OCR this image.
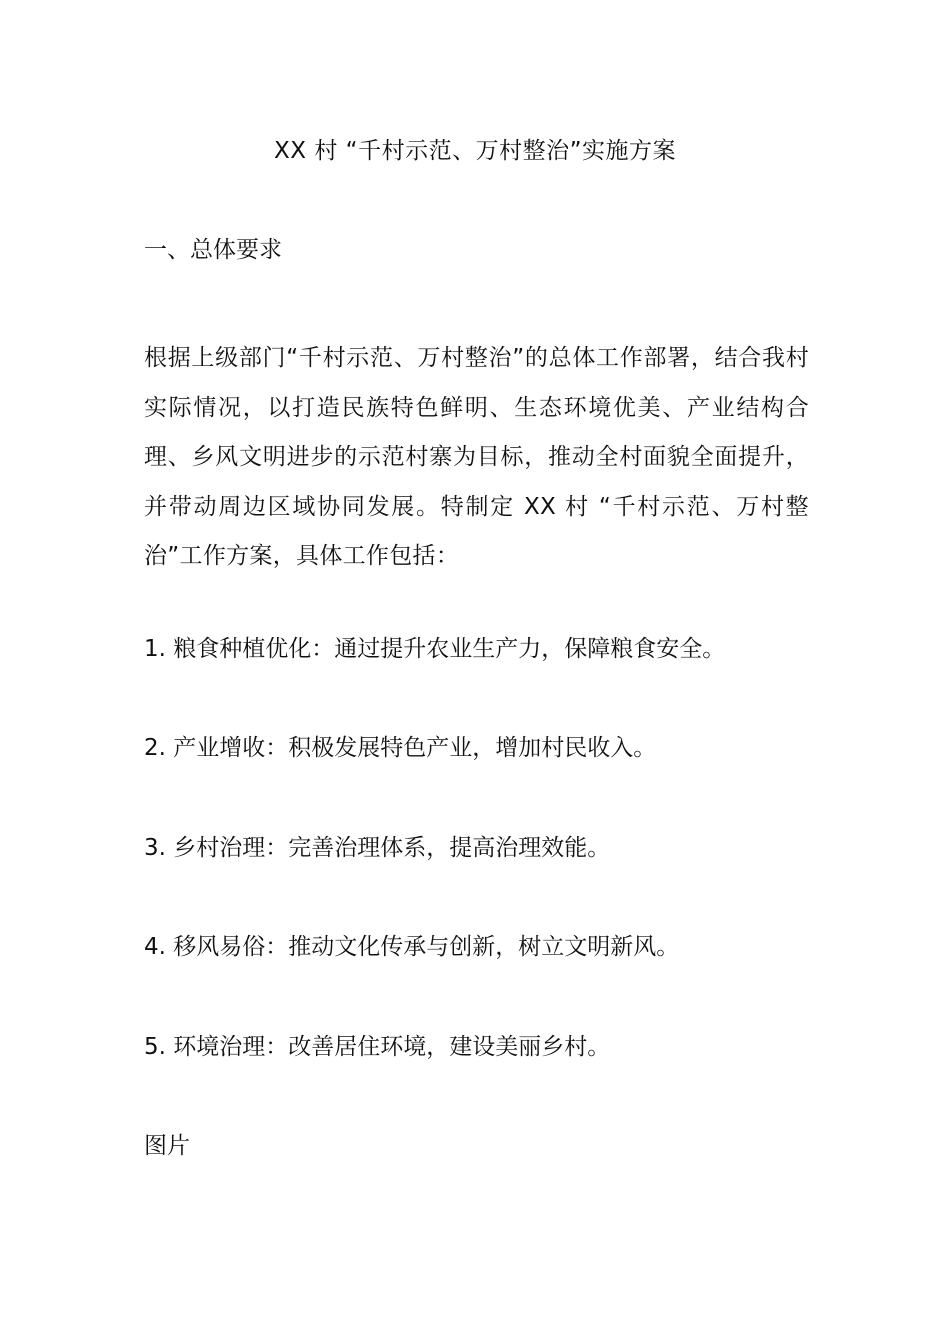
XX 村 “千村示范、万村整治”实施方案
一、总体要求
根据上级部门“千村示范、万村整治”的总体工作部署，结合我村实际情况，以打造民族特色鲜明、生态环境优美、产业结构合理、乡风文明进步的示范村寨为目标，推动全村面貌全面提升，并带动周边区域协同发展。特制定 XX 村 “千村示范、万村整治”工作方案，具体工作包括：
1. 粮食种植优化：通过提升农业生产力，保障粮食安全。
2. 产业增收：积极发展特色产业，增加村民收入。
3. 乡村治理：完善治理体系，提高治理效能。
4. 移风易俗：推动文化传承与创新，树立文明新风。
5. 环境治理：改善居住环境，建设美丽乡村。
图片
